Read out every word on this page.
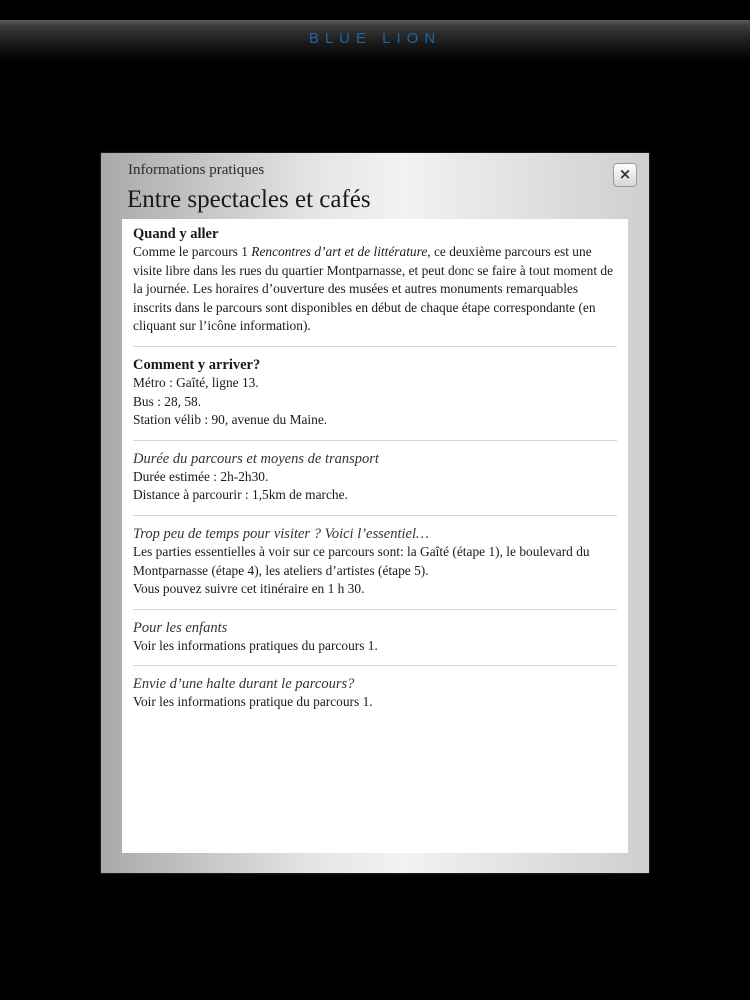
BLUE LION
Informations pratiques
Entre spectacles et cafés
×
Quand y aller
Comme le parcours 1 Rencontres d’art et de littérature, ce deuxième parcours est une visite libre dans les rues du quartier Montparnasse, et peut donc se faire à tout moment de la journée. Les horaires d’ouverture des musées et autres monuments remarquables inscrits dans le parcours sont disponibles en début de chaque étape correspondante (en cliquant sur l’icône information).
Comment y arriver?
Métro : Gaîté, ligne 13.
Bus : 28, 58.
Station vélib : 90, avenue du Maine.
Durée du parcours et moyens de transport
Durée estimée : 2h-2h30.
Distance à parcourir : 1,5km de marche.
Trop peu de temps pour visiter ? Voici l’essentiel…
Les parties essentielles à voir sur ce parcours sont: la Gaîté (étape 1), le boulevard du Montparnasse (étape 4), les ateliers d’artistes (étape 5).
Vous pouvez suivre cet itinéraire en 1 h 30.
Pour les enfants
Voir les informations pratiques du parcours 1.
Envie d’une halte durant le parcours?
Voir les informations pratique du parcours 1.
